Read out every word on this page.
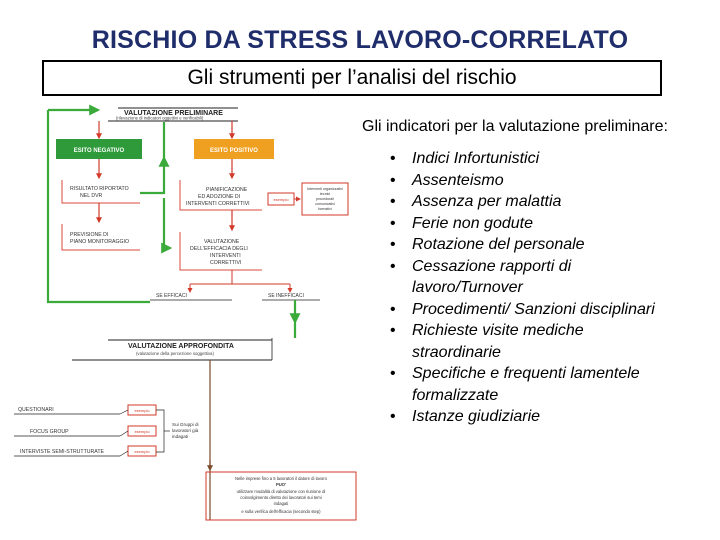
RISCHIO DA STRESS LAVORO-CORRELATO
Gli strumenti per l’analisi del rischio
VALUTAZIONE PRELIMINARE
(rilevazione di indicatori oggettivi e verificabili)
ESITO NEGATIVO	ESITO POSITIVO
RISULTATO RIPORTATO
NEL DVR
PIANIFICAZIONE
ED ADOZIONE DI
INTERVENTI CORRETTIVI
esempio
Interventi organizzativi
tecnici
procedurali
comunicativi
formativi
PREVISIONE DI
PIANO MONITORAGGIO	VALUTAZIONE
DELL'EFFICACIA DEGLI
INTERVENTI
CORRETTIVI
SE EFFICACI	SE INEFFICACI
VALUTAZIONE APPROFONDITA
(valutazione della percezione soggettiva)
QUESTIONARI	esempio
FOCUS GROUP	esempio
INTERVISTE SEMI-STRUTTURATE	esempio
Sui Gruppi di
lavoratori già
indagati
Nelle imprese fino a 5 lavoratori il datore di lavoro
PUO'
utilizzare modalità di valutazione con riunione di
coinvolgimento diretto dei lavoratori sui temi
indagati
e sulla verifica dell'efficacia (secondo step)
Gli indicatori per la valutazione preliminare:
• Indici Infortunistici
• Assenteismo
• Assenza per malattia
• Ferie non godute
• Rotazione del personale
• Cessazione rapporti di lavoro/Turnover
• Procedimenti/ Sanzioni disciplinari
• Richieste visite mediche straordinarie
• Specifiche e frequenti lamentele formalizzate
• Istanze giudiziarie
